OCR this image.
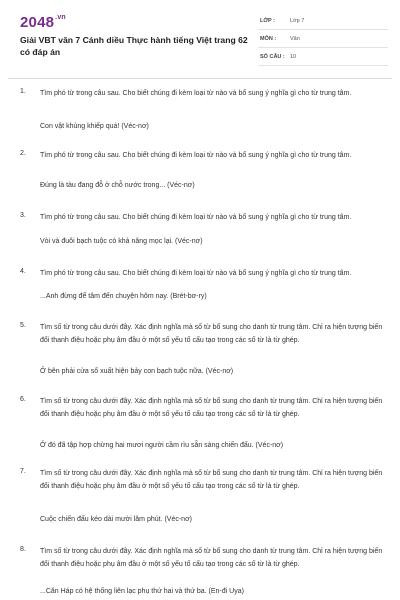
$2048^{.vn}$
Giải VBT văn 7 Cánh diều Thực hành tiếng Việt trang 62 có đáp án
LỚP :	Lớp 7
MÔN :	Văn
SỐ CÂU : 10
1. Tìm phó từ trong câu sau. Cho biết chúng đi kèm loại từ nào và bổ sung ý nghĩa gì cho từ trung tâm.
Con vật khủng khiếp quá! (Véc-nơ)
2. Tìm phó từ trong câu sau. Cho biết chúng đi kèm loại từ nào và bổ sung ý nghĩa gì cho từ trung tâm.
Đúng là tàu đang đỗ ở chỗ nước trong... (Véc-nơ)
3. Tìm phó từ trong câu sau. Cho biết chúng đi kèm loại từ nào và bổ sung ý nghĩa gì cho từ trung tâm.
Vòi và đuôi bạch tuộc có khả năng mọc lại. (Véc-nơ)
4. Tìm phó từ trong câu sau. Cho biết chúng đi kèm loại từ nào và bổ sung ý nghĩa gì cho từ trung tâm.
...Anh đừng để tâm đến chuyện hôm nay. (Brét-bơ-ry)
5. Tìm số từ trong câu dưới đây. Xác định nghĩa mà số từ bổ sung cho danh từ trung tâm. Chỉ ra hiện tượng biến đổi thanh điệu hoặc phụ âm đầu ở một số yếu tố cấu tạo trong các số từ là từ ghép.
Ở bên phải cửa sổ xuất hiện bảy con bạch tuộc nữa. (Véc-nơ)
6. Tìm số từ trong câu dưới đây. Xác định nghĩa mà số từ bổ sung cho danh từ trung tâm. Chỉ ra hiện tượng biến đổi thanh điệu hoặc phụ âm đầu ở một số yếu tố cấu tạo trong các số từ là từ ghép.
Ở đó đã tập hợp chừng hai mươi người cầm rìu sẵn sàng chiến đấu. (Véc-nơ)
7. Tìm số từ trong câu dưới đây. Xác định nghĩa mà số từ bổ sung cho danh từ trung tâm. Chỉ ra hiện tượng biến đổi thanh điệu hoặc phụ âm đầu ở một số yếu tố cấu tạo trong các số từ là từ ghép.
Cuộc chiến đấu kéo dài mười lăm phút. (Véc-nơ)
8. Tìm số từ trong câu dưới đây. Xác định nghĩa mà số từ bổ sung cho danh từ trung tâm. Chỉ ra hiện tượng biến đổi thanh điệu hoặc phụ âm đầu ở một số yếu tố cấu tạo trong các số từ là từ ghép.
...Căn Háp có hệ thống liên lạc phụ thứ hai và thứ ba. (En-đi Uya)
